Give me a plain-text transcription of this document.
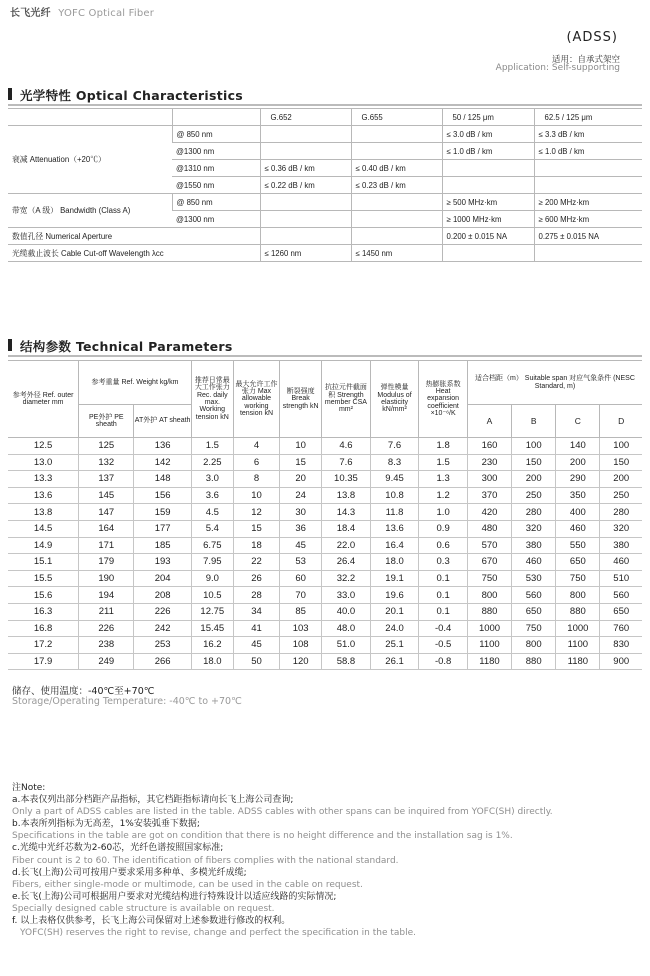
长飞光纤 YOFC Optical Fiber
(ADSS)
适用：自承式架空
Application: Self-supporting
光学特性 Optical Characteristics
		G.652	G.655	50 / 125 μm	62.5 / 125 μm
衰减 Attenuation（+20℃）	@ 850 nm			≤ 3.0 dB / km	≤ 3.3 dB / km
	@1300 nm			≤ 1.0 dB / km	≤ 1.0 dB / km
	@1310 nm	≤ 0.36 dB / km	≤ 0.40 dB / km		
	@1550 nm	≤ 0.22 dB / km	≤ 0.23 dB / km		
带宽（A 级） Bandwidth (Class A)	@ 850 nm			≥ 500 MHz·km	≥ 200 MHz·km
	@1300 nm			≥ 1000 MHz·km	≥ 600 MHz·km
数值孔径 Numerical Aperture				0.200 ± 0.015 NA	0.275 ± 0.015 NA
光缆截止波长 Cable Cut-off Wavelength λcc		≤ 1260 nm	≤ 1450 nm		
结构参数 Technical Parameters
参考外径 Ref. outer diameter mm	参考重量 Ref. Weight kg/km		推荐日常最大工作张力 Rec. daily max. Working tension kN	最大允许工作张力 Max allowable working tension kN	断裂强度 Break strength kN	抗拉元件截面积 Strength member CSA mm²	弹性模量 Modulus of elasticity kN/mm²	热膨胀系数 Heat expansion coefficient ×10⁻⁶/K	适合档距（m） Suitable span 对应气象条件 (NESC Standard, m)			
	PE外护 PE sheath	AT外护 AT sheath							A	B	C	D
12.5	125	136	1.5	4	10	4.6	7.6	1.8	160	100	140	100
13.0	132	142	2.25	6	15	7.6	8.3	1.5	230	150	200	150
13.3	137	148	3.0	8	20	10.35	9.45	1.3	300	200	290	200
13.6	145	156	3.6	10	24	13.8	10.8	1.2	370	250	350	250
13.8	147	159	4.5	12	30	14.3	11.8	1.0	420	280	400	280
14.5	164	177	5.4	15	36	18.4	13.6	0.9	480	320	460	320
14.9	171	185	6.75	18	45	22.0	16.4	0.6	570	380	550	380
15.1	179	193	7.95	22	53	26.4	18.0	0.3	670	460	650	460
15.5	190	204	9.0	26	60	32.2	19.1	0.1	750	530	750	510
15.6	194	208	10.5	28	70	33.0	19.6	0.1	800	560	800	560
16.3	211	226	12.75	34	85	40.0	20.1	0.1	880	650	880	650
16.8	226	242	15.45	41	103	48.0	24.0	-0.4	1000	750	1000	760
17.2	238	253	16.2	45	108	51.0	25.1	-0.5	1100	800	1100	830
17.9	249	266	18.0	50	120	58.8	26.1	-0.8	1180	880	1180	900
储存、使用温度：-40℃至+70℃
Storage/Operating Temperature: -40℃ to +70℃
注Note:
a.本表仅列出部分档距产品指标，其它档距指标请向长飞上海公司查询;
Only a part of ADSS cables are listed in the table. ADSS cables with other spans can be inquired from YOFC(SH) directly.
b.本表所列指标为无高差，1%安装弧垂下数据;
Specifications in the table are got on condition that there is no height difference and the installation sag is 1%.
c.光缆中光纤芯数为2-60芯，光纤色谱按照国家标准;
Fiber count is 2 to 60. The identification of fibers complies with the national standard.
d.长飞(上海)公司可按用户要求采用多种单、多模光纤成缆;
Fibers, either single-mode or multimode, can be used in the cable on request.
e.长飞(上海)公司可根据用户要求对光缆结构进行特殊设计以适应线路的实际情况;
Specially designed cable structure is available on request.
f. 以上表格仅供参考，长飞上海公司保留对上述参数进行修改的权利。
YOFC(SH) reserves the right to revise, change and perfect the specification in the table.
